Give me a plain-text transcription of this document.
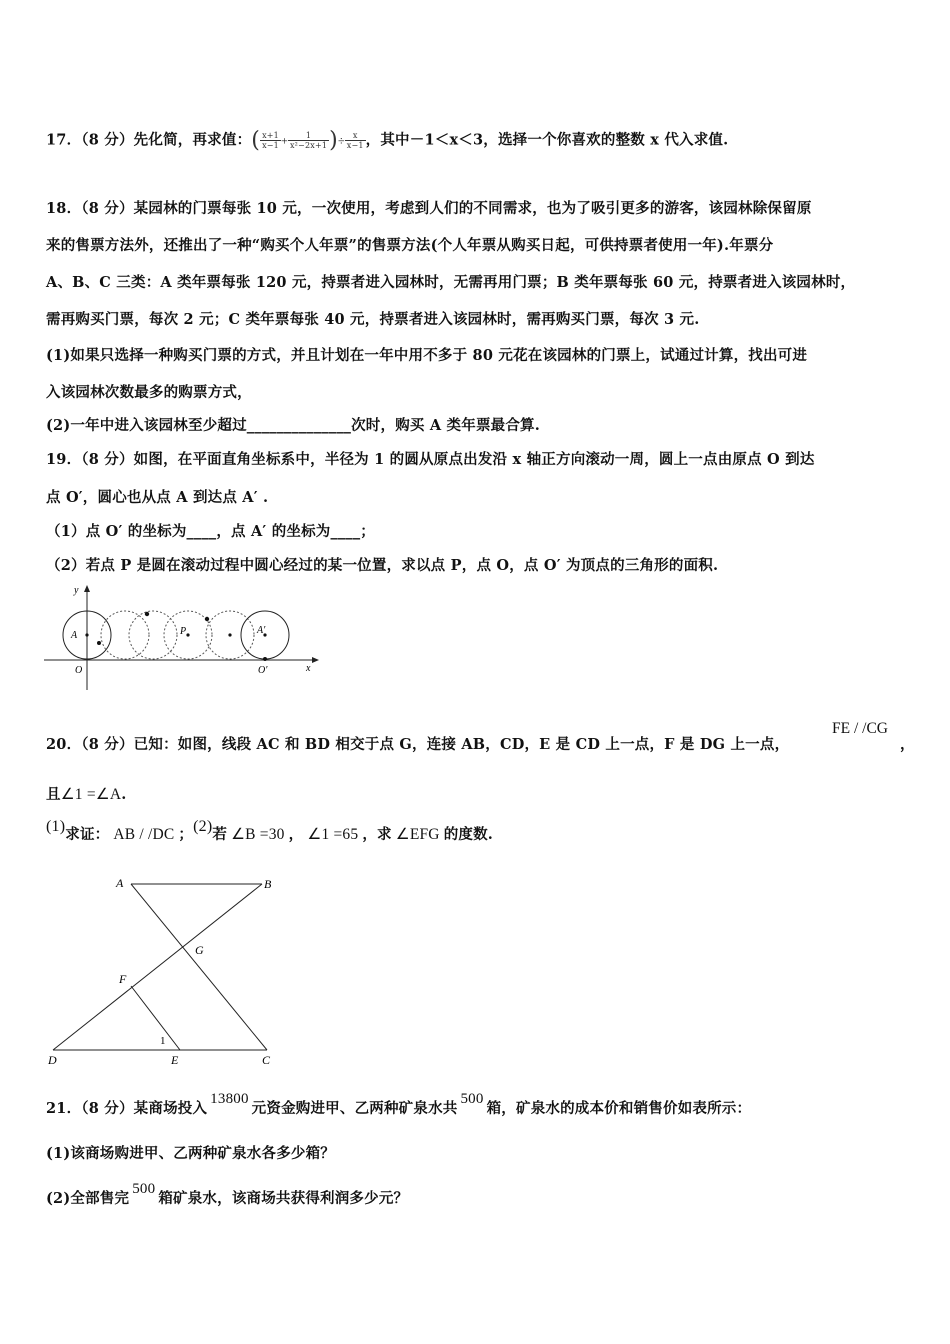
17．（8 分）先化简，再求值：( $\frac{x+1}{x-1} + \frac{1}{\text{x²−2x+1}}$ )÷ $\frac{x}{x-1}$ ，其中－1＜x＜3，选择一个你喜欢的整数 x 代入求值.
18．（8 分）某园林的门票每张 10 元，一次使用，考虑到人们的不同需求，也为了吸引更多的游客，该园林除保留原
来的售票方法外，还推出了一种“购买个人年票”的售票方法(个人年票从购买日起，可供持票者使用一年).年票分
A、B、C 三类：A 类年票每张 120 元，持票者进入园林时，无需再用门票；B 类年票每张 60 元，持票者进入该园林时，
需再购买门票，每次 2 元；C 类年票每张 40 元，持票者进入该园林时，需再购买门票，每次 3 元.
(1)如果只选择一种购买门票的方式，并且计划在一年中用不多于 80 元花在该园林的门票上，试通过计算，找出可进
入该园林次数最多的购票方式，
(2)一年中进入该园林至少超过______________次时，购买 A 类年票最合算.
19．（8 分）如图，在平面直角坐标系中，半径为 1 的圆从原点出发沿 x 轴正方向滚动一周，圆上一点由原点 O 到达
点 O′，圆心也从点 A 到达点 A′ .
（1）点 O′ 的坐标为____，点 A′ 的坐标为____；
（2）若点 P 是圆在滚动过程中圆心经过的某一位置，求以点 P，点 O，点 O′ 为顶点的三角形的面积.
y
x
A	P	A′
O	O′
20．（8 分）已知：如图，线段 AC 和 BD 相交于点 G，连接 AB，CD，E 是 CD 上一点，F 是 DG 上一点，
FE / /CG
，
且∠1 =∠A.
(1)求证： AB / /DC ；(2)若 ∠B =30 ， ∠1 =65 ，求 ∠EFG 的度数.
A	B
G
F
1
D	E	C
21．（8 分）某商场投入13800元资金购进甲、乙两种矿泉水共500箱，矿泉水的成本价和销售价如表所示：
(1)该商场购进甲、乙两种矿泉水各多少箱？
(2)全部售完500箱矿泉水，该商场共获得利润多少元？
